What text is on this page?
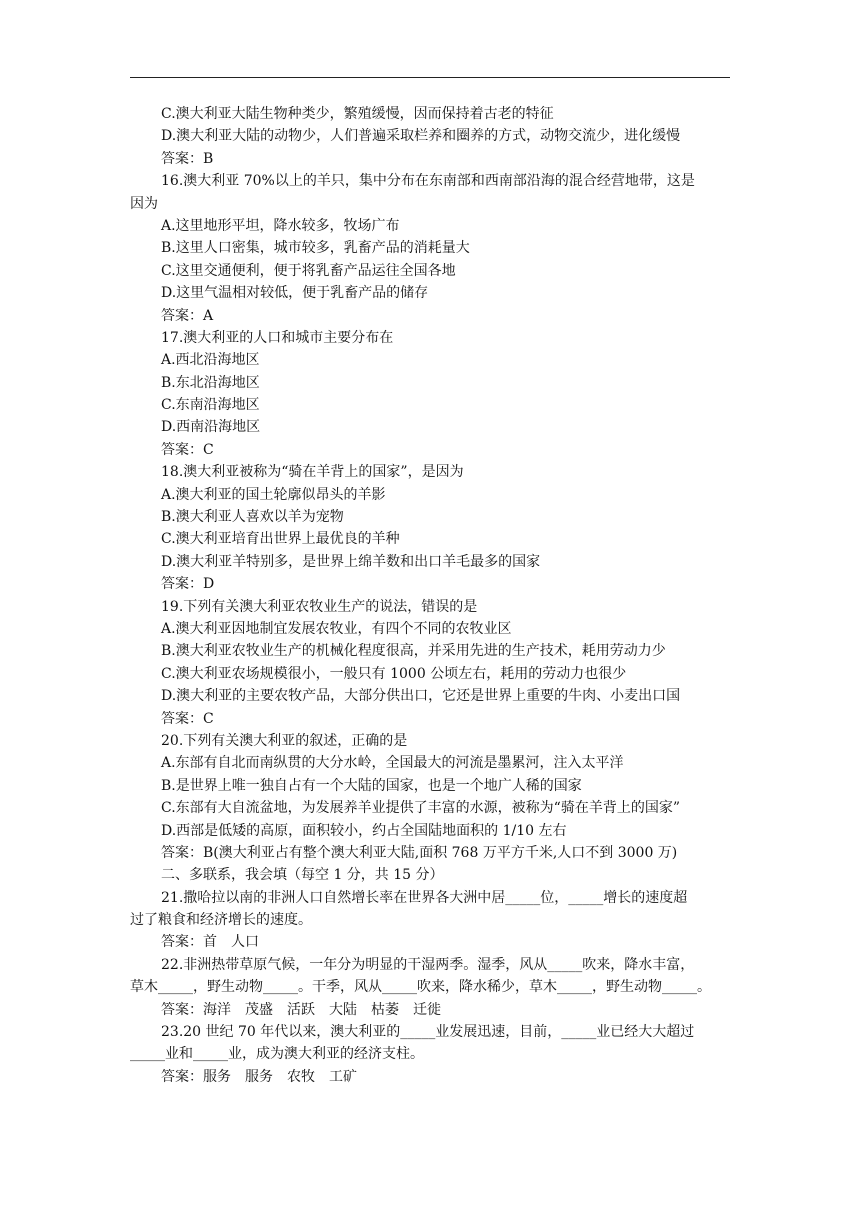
C.澳大利亚大陆生物种类少，繁殖缓慢，因而保持着古老的特征
D.澳大利亚大陆的动物少，人们普遍采取栏养和圈养的方式，动物交流少，进化缓慢
答案：B
16.澳大利亚 70%以上的羊只，集中分布在东南部和西南部沿海的混合经营地带，这是
因为
A.这里地形平坦，降水较多，牧场广布
B.这里人口密集，城市较多，乳畜产品的消耗量大
C.这里交通便利，便于将乳畜产品运往全国各地
D.这里气温相对较低，便于乳畜产品的储存
答案：A
17.澳大利亚的人口和城市主要分布在
A.西北沿海地区
B.东北沿海地区
C.东南沿海地区
D.西南沿海地区
答案：C
18.澳大利亚被称为“骑在羊背上的国家”，是因为
A.澳大利亚的国土轮廓似昂头的羊影
B.澳大利亚人喜欢以羊为宠物
C.澳大利亚培育出世界上最优良的羊种
D.澳大利亚羊特别多，是世界上绵羊数和出口羊毛最多的国家
答案：D
19.下列有关澳大利亚农牧业生产的说法，错误的是
A.澳大利亚因地制宜发展农牧业，有四个不同的农牧业区
B.澳大利亚农牧业生产的机械化程度很高，并采用先进的生产技术，耗用劳动力少
C.澳大利亚农场规模很小，一般只有 1000 公顷左右，耗用的劳动力也很少
D.澳大利亚的主要农牧产品，大部分供出口，它还是世界上重要的牛肉、小麦出口国
答案：C
20.下列有关澳大利亚的叙述，正确的是
A.东部有自北而南纵贯的大分水岭，全国最大的河流是墨累河，注入太平洋
B.是世界上唯一独自占有一个大陆的国家，也是一个地广人稀的国家
C.东部有大自流盆地，为发展养羊业提供了丰富的水源，被称为“骑在羊背上的国家”
D.西部是低矮的高原，面积较小，约占全国陆地面积的 1/10 左右
答案：B(澳大利亚占有整个澳大利亚大陆,面积 768 万平方千米,人口不到 3000 万)
二、多联系，我会填（每空 1 分，共 15 分）
21.撒哈拉以南的非洲人口自然增长率在世界各大洲中居_____位，_____增长的速度超
过了粮食和经济增长的速度。
答案：首　人口
22.非洲热带草原气候，一年分为明显的干湿两季。湿季，风从_____吹来，降水丰富，
草木_____，野生动物_____。干季，风从_____吹来，降水稀少，草木_____，野生动物_____。
答案：海洋　茂盛　活跃　大陆　枯萎　迁徙
23.20 世纪 70 年代以来，澳大利亚的_____业发展迅速，目前，_____业已经大大超过
_____业和_____业，成为澳大利亚的经济支柱。
答案：服务　服务　农牧　工矿
